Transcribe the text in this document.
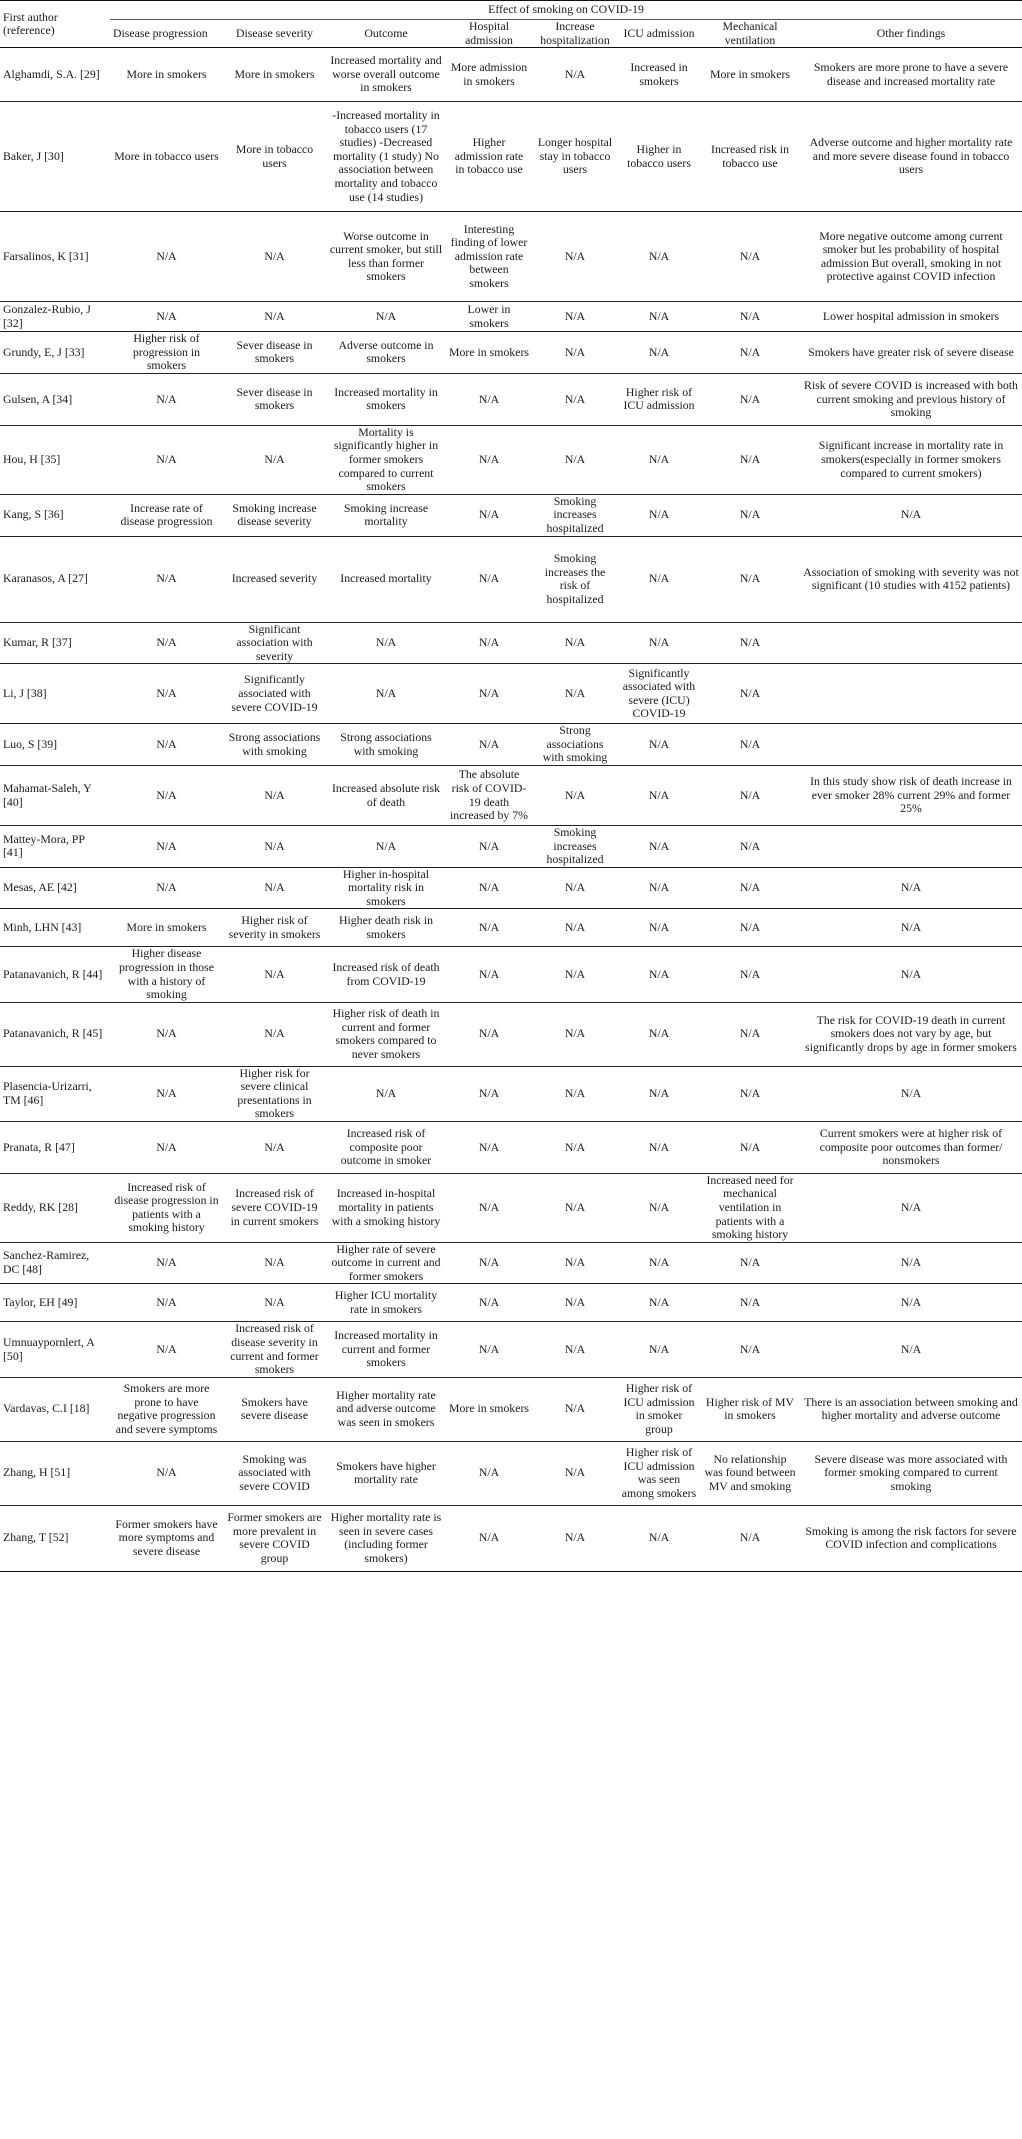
First author (reference)	Effect of smoking on COVID-19							
	Disease progression	Disease severity	Outcome	Hospital admission	Increase hospitalization	ICU admission	Mechanical ventilation	Other findings
Alghamdi, S.A. [29]	More in smokers	More in smokers	Increased mortality and worse overall outcome in smokers	More admission in smokers	N/A	Increased in smokers	More in smokers	Smokers are more prone to have a severe disease and increased mortality rate
Baker, J [30]	More in tobacco users	More in tobacco users	-Increased mortality in tobacco users (17 studies) -Decreased mortality (1 study) No association between mortality and tobacco use (14 studies)	Higher admission rate in tobacco use	Longer hospital stay in tobacco users	Higher in tobacco users	Increased risk in tobacco use	Adverse outcome and higher mortality rate and more severe disease found in tobacco users
Farsalinos, K [31]	N/A	N/A	Worse outcome in current smoker, but still less than former smokers	Interesting finding of lower admission rate between smokers	N/A	N/A	N/A	More negative outcome among current smoker but les probability of hospital admission But overall, smoking in not protective against COVID infection
Gonzalez-Rubio, J [32]	N/A	N/A	N/A	Lower in smokers	N/A	N/A	N/A	Lower hospital admission in smokers
Grundy, E, J [33]	Higher risk of progression in smokers	Sever disease in smokers	Adverse outcome in smokers	More in smokers	N/A	N/A	N/A	Smokers have greater risk of severe disease
Gulsen, A [34]	N/A	Sever disease in smokers	Increased mortality in smokers	N/A	N/A	Higher risk of ICU admission	N/A	Risk of severe COVID is increased with both current smoking and previous history of smoking
Hou, H [35]	N/A	N/A	Mortality is significantly higher in former smokers compared to current smokers	N/A	N/A	N/A	N/A	Significant increase in mortality rate in smokers(especially in former smokers compared to current smokers)
Kang, S [36]	Increase rate of disease progression	Smoking increase disease severity	Smoking increase mortality	N/A	Smoking increases hospitalized	N/A	N/A	N/A
Karanasos, A [27]	N/A	Increased severity	Increased mortality	N/A	Smoking increases the risk of hospitalized	N/A	N/A	Association of smoking with severity was not significant (10 studies with 4152 patients)
Kumar, R [37]	N/A	Significant association with severity	N/A	N/A	N/A	N/A	N/A	
Li, J [38]	N/A	Significantly associated with severe COVID-19	N/A	N/A	N/A	Significantly associated with severe (ICU) COVID-19	N/A	
Luo, S [39]	N/A	Strong associations with smoking	Strong associations with smoking	N/A	Strong associations with smoking	N/A	N/A	
Mahamat-Saleh, Y [40]	N/A	N/A	Increased absolute risk of death	The absolute risk of COVID-19 death increased by 7%	N/A	N/A	N/A	In this study show risk of death increase in ever smoker 28% current 29% and former 25%
Mattey-Mora, PP [41]	N/A	N/A	N/A	N/A	Smoking increases hospitalized	N/A	N/A	
Mesas, AE [42]	N/A	N/A	Higher in-hospital mortality risk in smokers	N/A	N/A	N/A	N/A	N/A
Minh, LHN [43]	More in smokers	Higher risk of severity in smokers	Higher death risk in smokers	N/A	N/A	N/A	N/A	N/A
Patanavanich, R [44]	Higher disease progression in those with a history of smoking	N/A	Increased risk of death from COVID-19	N/A	N/A	N/A	N/A	N/A
Patanavanich, R [45]	N/A	N/A	Higher risk of death in current and former smokers compared to never smokers	N/A	N/A	N/A	N/A	The risk for COVID-19 death in current smokers does not vary by age, but significantly drops by age in former smokers
Plasencia-Urizarri, TM [46]	N/A	Higher risk for severe clinical presentations in smokers	N/A	N/A	N/A	N/A	N/A	N/A
Pranata, R [47]	N/A	N/A	Increased risk of composite poor outcome in smoker	N/A	N/A	N/A	N/A	Current smokers were at higher risk of composite poor outcomes than former/ nonsmokers
Reddy, RK [28]	Increased risk of disease progression in patients with a smoking history	Increased risk of severe COVID-19 in current smokers	Increased in-hospital mortality in patients with a smoking history	N/A	N/A	N/A	Increased need for mechanical ventilation in patients with a smoking history	N/A
Sanchez-Ramirez, DC [48]	N/A	N/A	Higher rate of severe outcome in current and former smokers	N/A	N/A	N/A	N/A	N/A
Taylor, EH [49]	N/A	N/A	Higher ICU mortality rate in smokers	N/A	N/A	N/A	N/A	N/A
Umnuaypornlert, A [50]	N/A	Increased risk of disease severity in current and former smokers	Increased mortality in current and former smokers	N/A	N/A	N/A	N/A	N/A
Vardavas, C.I [18]	Smokers are more prone to have negative progression and severe symptoms	Smokers have severe disease	Higher mortality rate and adverse outcome was seen in smokers	More in smokers	N/A	Higher risk of ICU admission in smoker group	Higher risk of MV in smokers	There is an association between smoking and higher mortality and adverse outcome
Zhang, H [51]	N/A	Smoking was associated with severe COVID	Smokers have higher mortality rate	N/A	N/A	Higher risk of ICU admission was seen among smokers	No relationship was found between MV and smoking	Severe disease was more associated with former smoking compared to current smoking
Zhang, T [52]	Former smokers have more symptoms and severe disease	Former smokers are more prevalent in severe COVID group	Higher mortality rate is seen in severe cases (including former smokers)	N/A	N/A	N/A	N/A	Smoking is among the risk factors for severe COVID infection and complications
